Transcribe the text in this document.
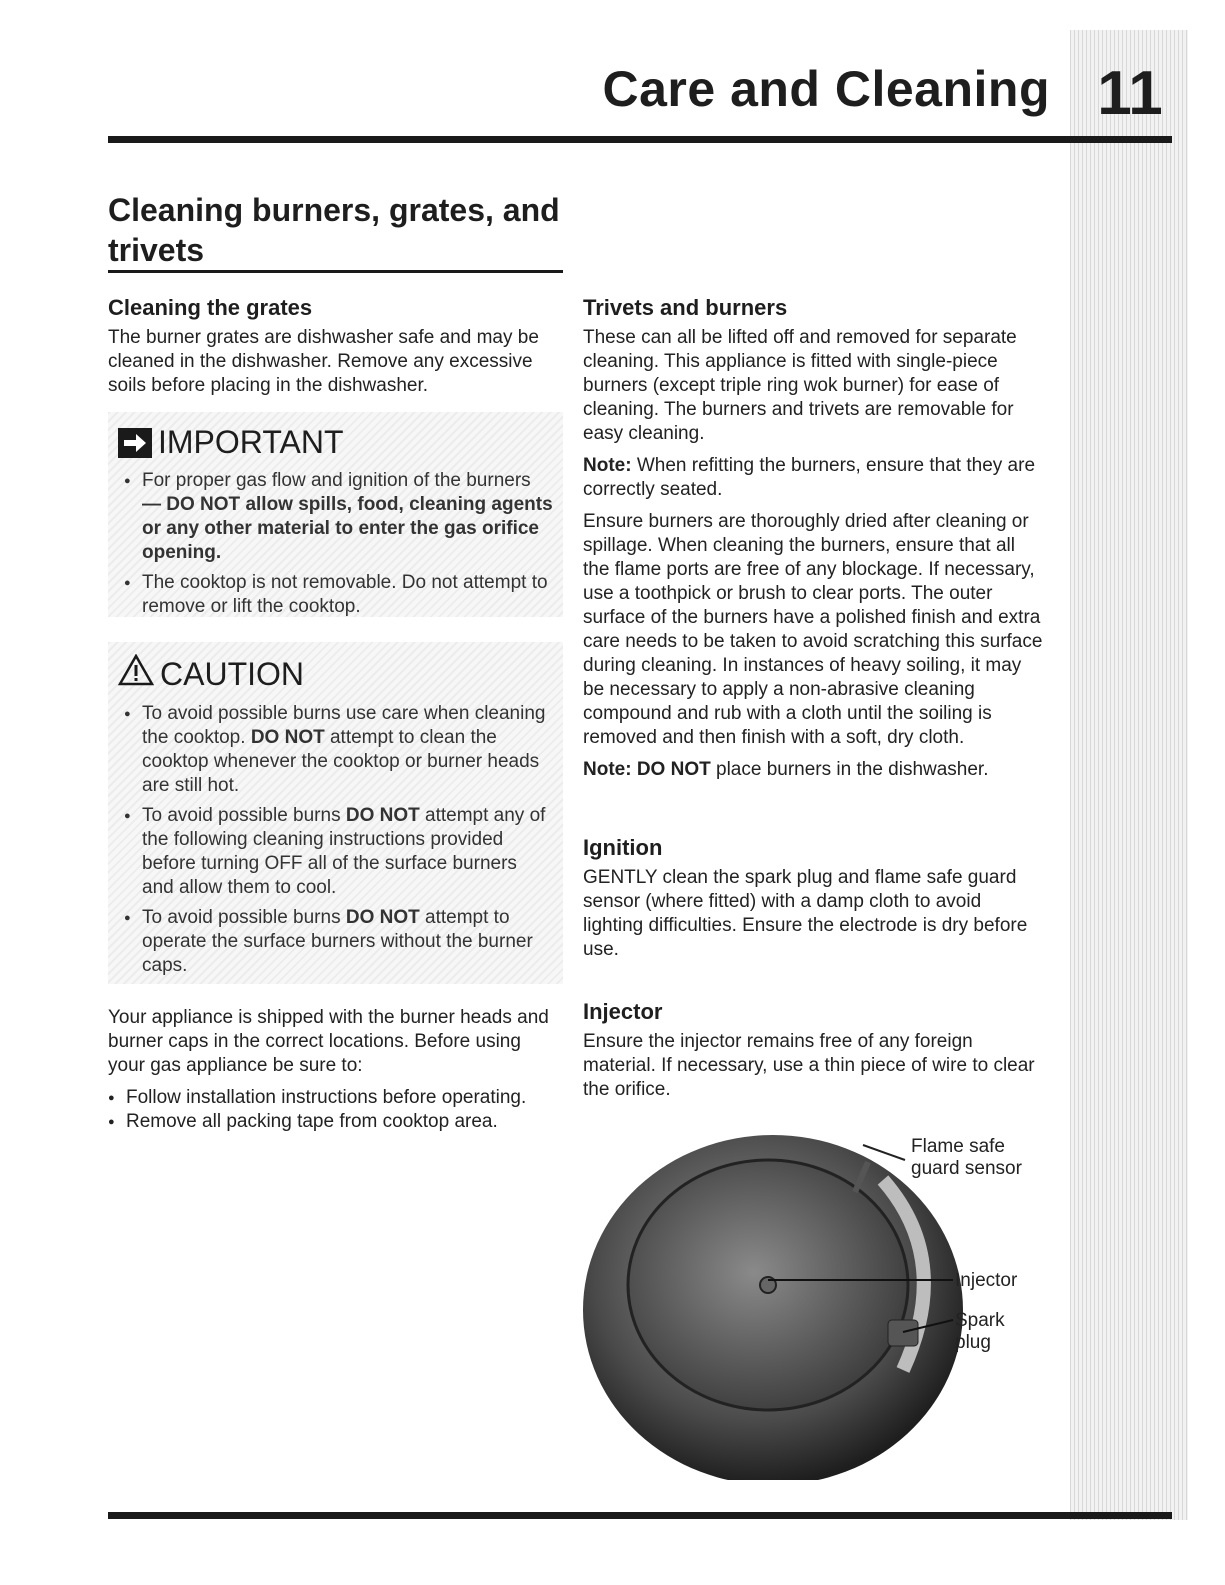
11
Care and Cleaning
Cleaning burners, grates, and trivets
Cleaning the grates

The burner grates are dishwasher safe and may be cleaned in the dishwasher. Remove any excessive soils before placing in the dishwasher.

IMPORTANT
● For proper gas flow and ignition of the burners — DO NOT allow spills, food, cleaning agents or any other material to enter the gas orifice opening.
● The cooktop is not removable. Do not attempt to remove or lift the cooktop.
CAUTION
● To avoid possible burns use care when cleaning the cooktop. DO NOT attempt to clean the cooktop whenever the cooktop or burner heads are still hot.
● To avoid possible burns DO NOT attempt any of the following cleaning instructions provided before turning OFF all of the surface burners and allow them to cool.
● To avoid possible burns DO NOT attempt to operate the surface burners without the burner caps.

Your appliance is shipped with the burner heads and burner caps in the correct locations. Before using your gas appliance be sure to:

● Follow installation instructions before operating.
● Remove all packing tape from cooktop area.
Trivets and burners

These can all be lifted off and removed for separate cleaning. This appliance is fitted with single-piece burners (except triple ring wok burner) for ease of cleaning. The burners and trivets are removable for easy cleaning.

Note: When refitting the burners, ensure that they are correctly seated.

Ensure burners are thoroughly dried after cleaning or spillage. When cleaning the burners, ensure that all the flame ports are free of any blockage. If necessary, use a toothpick or brush to clear ports. The outer surface of the burners have a polished finish and extra care needs to be taken to avoid scratching this surface during cleaning. In instances of heavy soiling, it may be necessary to apply a non-abrasive cleaning compound and rub with a cloth until the soiling is removed and then finish with a soft, dry cloth.

Note: DO NOT place burners in the dishwasher.

Ignition

GENTLY clean the spark plug and flame safe guard sensor (where fitted) with a damp cloth to avoid lighting difficulties. Ensure the electrode is dry before use.

Injector

Ensure the injector remains free of any foreign material. If necessary, use a thin piece of wire to clear the orifice.

Flame safe guard sensor
Injector
Spark plug
